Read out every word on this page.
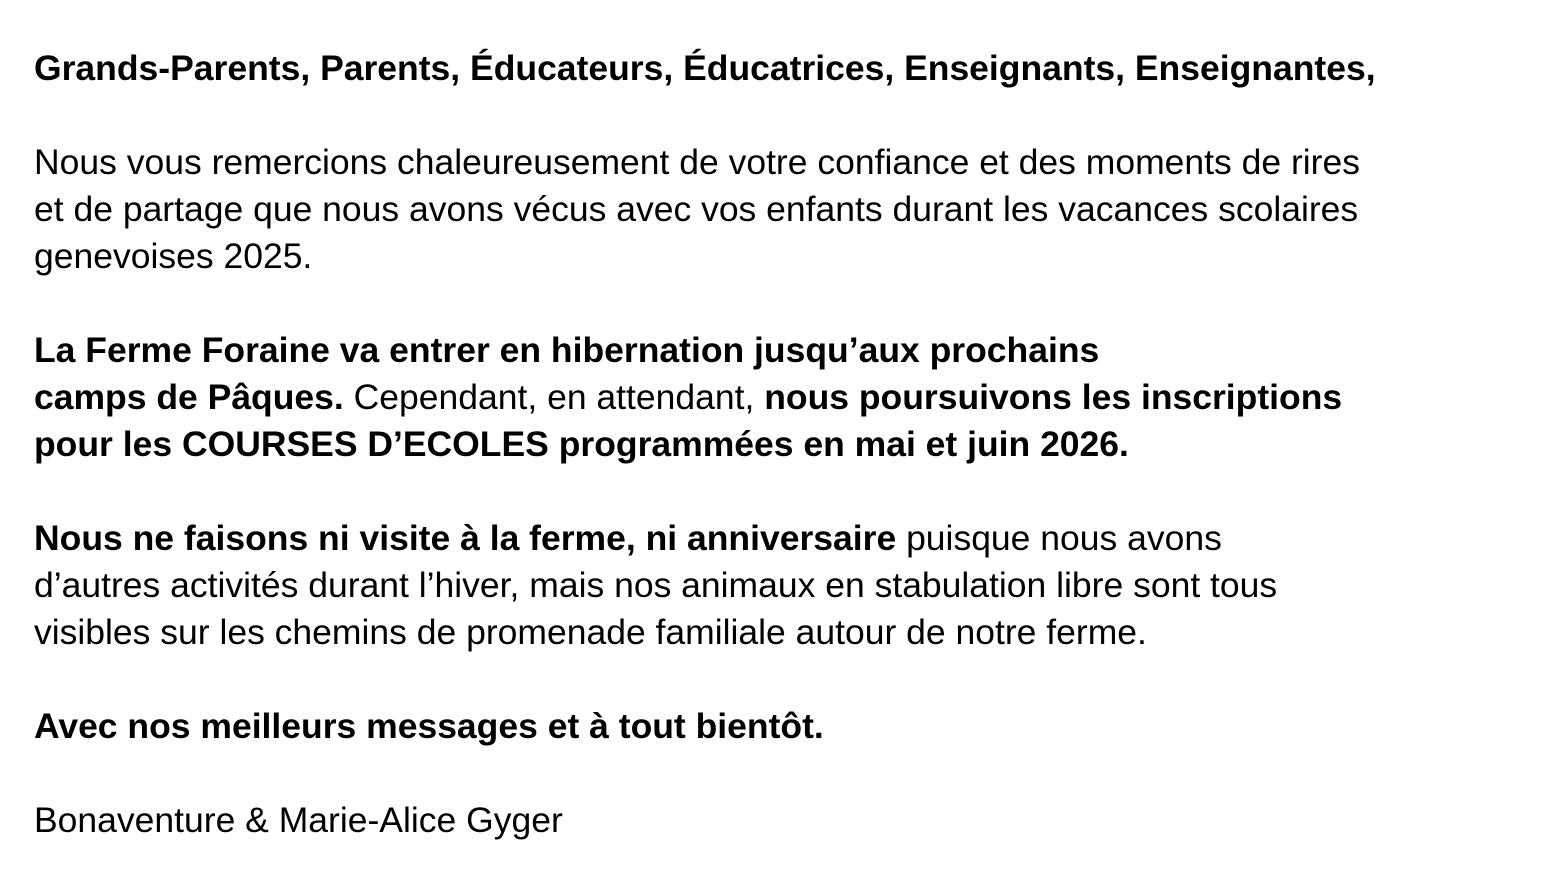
Grands-Parents, Parents, Éducateurs, Éducatrices, Enseignants, Enseignantes,
Nous vous remercions chaleureusement de votre confiance et des moments de rires
et de partage que nous avons vécus avec vos enfants durant les vacances scolaires
genevoises 2025.
La Ferme Foraine va entrer en hibernation jusqu’aux prochains
camps de Pâques. Cependant, en attendant, nous poursuivons les inscriptions
pour les COURSES D’ECOLES programmées en mai et juin 2026.
Nous ne faisons ni visite à la ferme, ni anniversaire puisque nous avons
d’autres activités durant l’hiver, mais nos animaux en stabulation libre sont tous
visibles sur les chemins de promenade familiale autour de notre ferme.
Avec nos meilleurs messages et à tout bientôt.
Bonaventure & Marie-Alice Gyger
